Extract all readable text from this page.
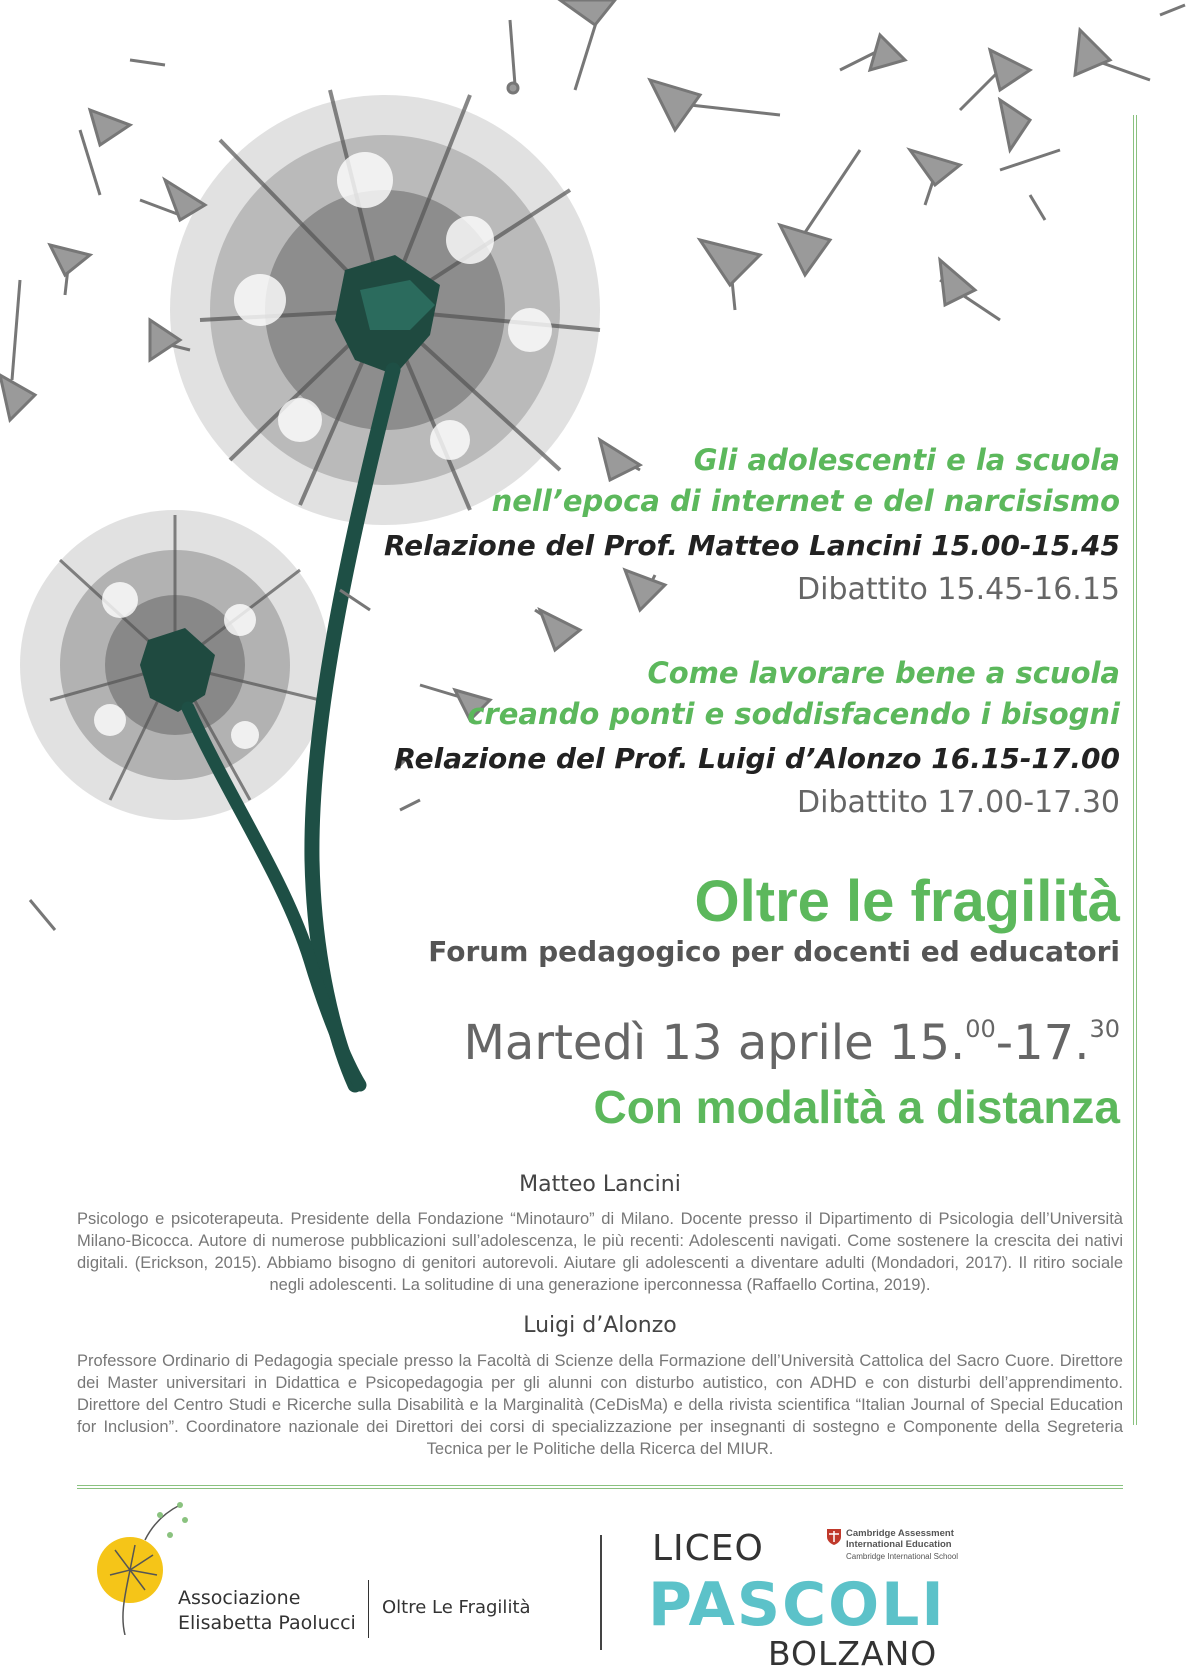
Gli adolescenti e la scuola
nell’epoca di internet e del narcisismo
Relazione del Prof. Matteo Lancini 15.00-15.45
Dibattito 15.45-16.15
Come lavorare bene a scuola
creando ponti e soddisfacendo i bisogni
Relazione del Prof. Luigi d’Alonzo 16.15-17.00
Dibattito 17.00-17.30
Oltre le fragilità
Forum pedagogico per docenti ed educatori
Martedì 13 aprile 15.00-17.30
Con modalità a distanza
Matteo Lancini

Psicologo e psicoterapeuta. Presidente della Fondazione “Minotauro” di Milano. Docente presso il Dipartimento di Psicologia dell’Università Milano-Bicocca. Autore di numerose pubblicazioni sull’adolescenza, le più recenti: Adolescenti navigati. Come sostenere la crescita dei nativi digitali. (Erickson, 2015). Abbiamo bisogno di genitori autorevoli. Aiutare gli adolescenti a diventare adulti (Mondadori, 2017). Il ritiro sociale negli adolescenti. La solitudine di una generazione iperconnessa (Raffaello Cortina, 2019).

Luigi d’Alonzo

Professore Ordinario di Pedagogia speciale presso la Facoltà di Scienze della Formazione dell’Università Cattolica del Sacro Cuore. Direttore dei Master universitari in Didattica e Psicopedagogia per gli alunni con disturbo autistico, con ADHD e con disturbi dell’apprendimento. Direttore del Centro Studi e Ricerche sulla Disabilità e la Marginalità (CeDisMa) e della rivista scientifica “Italian Journal of Special Education for Inclusion”. Coordinatore nazionale dei Direttori dei corsi di specializzazione per insegnanti di sostegno e Componente della Segreteria Tecnica per le Politiche della Ricerca del MIUR.

Associazione
Elisabetta Paolucci
Oltre Le Fragilità
LICEO
PASCOLI
BOLZANO
Cambridge Assessment
International Education
Cambridge International School
